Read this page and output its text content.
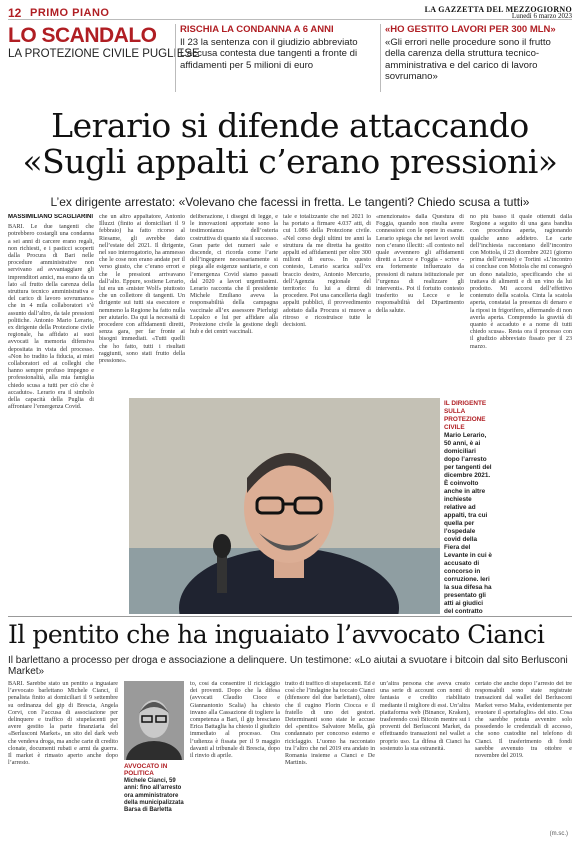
12 PRIMO PIANO	LA GAZZETTA DEL MEZZOGIORNO
Lunedì 6 marzo 2023
LO SCANDALO
LA PROTEZIONE CIVILE PUGLIESE
RISCHIA LA CONDANNA A 6 ANNI
Il 23 la sentenza con il giudizio abbreviato L’accusa contesta due tangenti a fronte di affidamenti per 5 milioni di euro
«HO GESTITO LAVORI PER 300 MLN»
«Gli errori nelle procedure sono il frutto della carenza della struttura tecnico-amministrativa e del carico di lavoro sovrumano»
Lerario si difende attaccando
«Sugli appalti c’erano pressioni»
L’ex dirigente arrestato: «Volevano che facessi in fretta. Le tangenti? Chiedo scusa a tutti»
MASSIMILIANO SCAGLIARINI

BARI. Le due tangenti che potrebbero costargli una condanna a sei anni di carcere erano regali, non richiesti, e i pasticci scoperti dalla Procura di Bari nelle procedure amministrative non servivano ad avvantaggiare gli imprenditori amici, ma erano da un lato «il frutto della carenza della struttura tecnico amministrativa e del carico di lavoro sovrumano» che in 4 mila collaboratori s’è assunto dall’altro, da tale pressioni politiche. Antonio Mario Lerario, ex dirigente della Protezione civile regionale, ha affidato ai suoi avvocati la memoria difensiva depositata in vista del processo. «Non ho tradito la fiducia, ai miei collaboratori ed ai colleghi che hanno sempre profuso impegno e professionalità, alla mia famiglia chiedo scusa a tutti per ciò che è accaduto». Lerario era il simbolo della capacità della Puglia di affrontare l’emergenza Covid.

che un altro appaltatore, Antonio Illuzzi (finito ai domiciliari il 9 febbraio) ha fatto ricorso al Riesame, gli avrebbe dato nell’estate del 2021. Il dirigente, nel suo interrogatorio, ha ammesso che le cose non erano andate per il verso giusto, che c’erano errori e che le pressioni arrivavano dall’alto. Eppure, sostiene Lerario, lui era un «mister Wolf» piuttosto che un collettore di tangenti. Un dirigente sui tutti sia esecutore e nemmeno la Regione ha fatto nulla per aiutarlo. Da qui la necessità di procedere con affidamenti diretti, senza gara, per far fronte ai bisogni immediati. «Tutti quelli che ho fatto, tutti i risultati raggiunti, sono stati frutto della pressione».

deliberazione, i disegni di legge, e le innovazioni apportate sono la testimonianza dell’osteria costruttiva di quanto sia il successo. Gran parte dei numeri sale e discende, ci ricorda come l’arte dell’ingegnere necessariamente si piega alle esigenze sanitarie, e con l’emergenza Covid siamo passati dal 2020 a lavori urgentissimi. Lerario racconta che il presidente Michele Emiliano aveva la responsabilità della campagna vaccinale all’ex assessore Pierluigi Lopalco e lui per affidare alla Protezione civile la gestione degli hub e dei centri vaccinali.

tale e totalizzante che nel 2021 lo ha portato a firmare 4.037 atti, di cui 1.086 della Protezione civile. «Nel corso degli ultimi tre anni la struttura da me diretta ha gestito appalti ed affidamenti per oltre 300 milioni di euro». In questo contesto, Lerario scarica sull’ex braccio destro, Antonio Mercurio, dell’Agenzia regionale del territorio: fu lui a dirmi di procedere. Poi una cancelleria dagli appalti pubblici, il provvedimento adottato dalla Procura si muove a ritroso e ricostruisce tutte le decisioni.

«menzionato» dalla Questura di Foggia, quando non risulta avere connessioni con le opere in esame. Lerario spiega che nei lavori svolti non c’erano illeciti: «Il contesto nel quale avvennero gli affidamenti diretti a Lecce e Foggia - scrive - era fortemente influenzato da pressioni di natura istituzionale per l’urgenza di realizzare gli interventi». Poi il fortuito contesto trasferito su Lecce e le responsabilità del Dipartimento della salute.

no più basso il quale ottenuti dalla Regione a seguito di una gara bandita con procedura aperta, ragionando qualche anno addietro. Le carte dell’inchiesta raccontano dell’incontro con Mottola, il 23 dicembre 2021 (giorno prima dell’arresto) e Tortini «L’incontro si concluse con Mottola che mi consegnò un dono natalizio, specificando che si trattava di alimenti e di un vino da lui prodotto. Mi accorsi dell’effettivo contenuto della scatola. Cinta la scatola aperta, constatai la presenza di denaro e la riposi in frigorifero, affermando di non averla aperta. Comprendo la gravità di quanto è accaduto e a nome di tutti chiedo scusa». Resta ora il processo con il giudizio abbreviato fissato per il 23 marzo.

IL DIRIGENTE SULLA PROTEZIONE CIVILE
Mario Lerario, 50 anni, è ai domiciliari dopo l’arresto per tangenti del dicembre 2021. È coinvolto anche in altre inchieste relative ad appalti, tra cui quella per l’ospedale covid della Fiera del Levante in cui è accusato di concorso in corruzione. Ieri la sua difesa ha presentato gli atti ai giudici del contratto
Il pentito che ha inguaiato l’avvocato Cianci
Il barlettano a processo per droga e associazione a delinquere. Un testimone: «Lo aiutai a svuotare i bitcoin dal sito Berlusconi Market»

BARI. Sarebbe stato un pentito a inguaiare l’avvocato barlettano Michele Cianci, il penalista finito ai domiciliari il 9 settembre su ordinanza del gip di Brescia, Angela Corvi, con l’accusa di associazione per delinquere e traffico di stupefacenti per avere gestito la parte finanziaria del «Berlusconi Market», un sito del dark web che vendeva droga, ma anche carte di credito clonate, documenti rubati e armi da guerra. Il market è rimasto aperto anche dopo l’arresto.	AVVOCATO IN POLITICA
Michele Cianci, 59 anni: fino all’arresto ora amministratore della municipalizzata Barsa di Barletta

to, così da consentire il riciclaggio dei proventi. Dopo che la difesa (avvocati Claudio Cioce e Giannantonio Scalia) ha chiesto invano alla Cassazione di togliere la competenza a Bari, il gip bresciano Erica Battaglia ha chiesto il giudizio immediato al processo. Ora l’udienza è fissata per il 9 maggio davanti al tribunale di Brescia, dopo il rinvio di aprile.

tratto di traffico di stupefacenti. Ed è così che l’indagine ha toccato Cianci (difensore del due barlettani), oltre che il cugino Florin Ciocca e il fratello di uno dei gestori. Determinanti sono state le accuse del «pentito» Salvatore Mella, già condannato per concorso esterno e riciclaggio. L’uomo ha raccontato tra l’altro che nel 2019 era andato in Romania insieme a Cianci e De Martinis.

un’altra persona che aveva creato una serie di account con nomi di fantasia e credito riabilitato mediante il migliore di essi. Un’altra piattaforma web (Binance, Kraken), trasferendo così Bitcoin mentre sui i proventi del Berlusconi Market, da effettuando transazioni nel wallet a proprio uso. La difesa di Cianci ha sostenuto la sua estraneità.

certato che anche dopo l’arresto dei tre responsabili sono state registrate transazioni dal wallet del Berlusconi Market verso Malta, evidentemente per svuotare il «portafoglio» del sito. Cosa che sarebbe potuta avvenire solo possedendo le credenziali di accesso, che sono custodite nel telefono di Cianci. Il trasferimento di fondi sarebbe avvenuto tra ottobre e novembre del 2019.

(m.sc.)
